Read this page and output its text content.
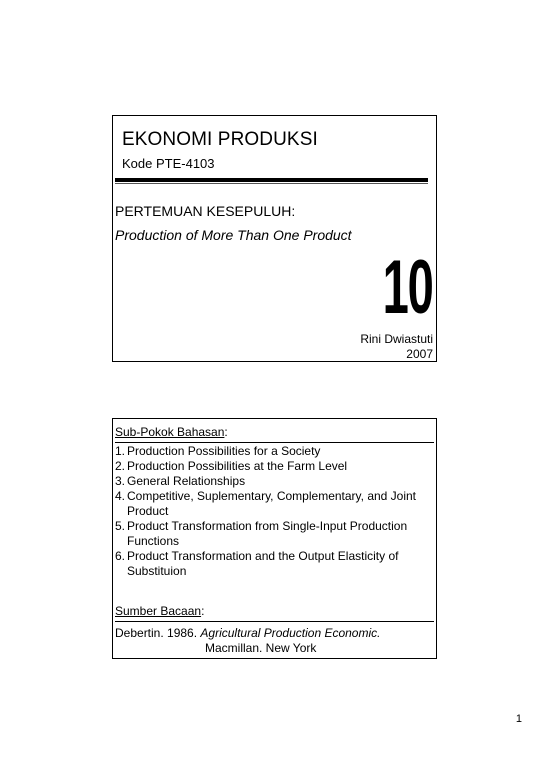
EKONOMI PRODUKSI
Kode PTE-4103
PERTEMUAN KESEPULUH:
Production of More Than One Product
10
Rini Dwiastuti
2007
Sub-Pokok Bahasan:
1. Production Possibilities for a Society
2. Production Possibilities at the Farm Level
3. General Relationships
4. Competitive, Suplementary, Complementary, and Joint Product
5. Product Transformation from Single-Input Production Functions
6. Product Transformation and the Output Elasticity of Substituion
Sumber Bacaan:
Debertin. 1986. Agricultural Production Economic.
Macmillan. New York
1
